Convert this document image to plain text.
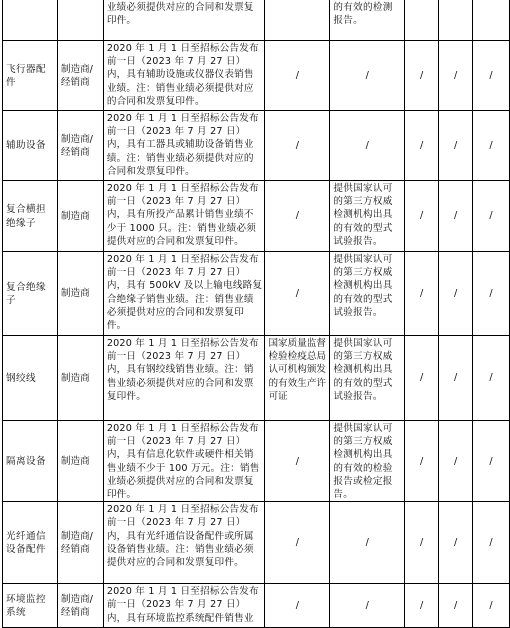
		业绩必须提供对应的合同和发票复印件。		的有效的检测报告。			
飞行器配件	制造商/经销商	2020 年 1 月 1 日至招标公告发布前一日（2023 年 7 月 27 日）内，具有辅助设施或仪器仪表销售业绩。注：销售业绩必须提供对应的合同和发票复印件。	/	/	/	/	/
辅助设备	制造商/经销商	2020 年 1 月 1 日至招标公告发布前一日（2023 年 7 月 27 日）内，具有工器具或辅助设备销售业绩。注：销售业绩必须提供对应的合同和发票复印件。	/	/	/	/	/
复合横担绝缘子	制造商	2020 年 1 月 1 日至招标公告发布前一日（2023 年 7 月 27 日）内，具有所投产品累计销售业绩不少于 1000 只。注：销售业绩必须提供对应的合同和发票复印件。	/	提供国家认可的第三方权威检测机构出具的有效的型式试验报告。	/	/	/
复合绝缘子	制造商	2020 年 1 月 1 日至招标公告发布前一日（2023 年 7 月 27 日）内，具有 500kV 及以上输电线路复合绝缘子销售业绩。注：销售业绩必须提供对应的合同和发票复印件。	/	提供国家认可的第三方权威检测机构出具的有效的型式试验报告。	/	/	/
钢绞线	制造商	2020 年 1 月 1 日至招标公告发布前一日（2023 年 7 月 27 日）内，具有钢绞线销售业绩。注：销售业绩必须提供对应的合同和发票复印件。	国家质量监督检验检疫总局认可机构颁发的有效生产许可证	提供国家认可的第三方权威检测机构出具的有效的型式试验报告。	/	/	/
隔离设备	制造商	2020 年 1 月 1 日至招标公告发布前一日（2023 年 7 月 27 日）内，具有信息化软件或硬件相关销售业绩不少于 100 万元。注：销售业绩必须提供对应的合同和发票复印件。	/	提供国家认可的第三方权威检测机构出具的有效的检验报告或检定报告。	/	/	/
光纤通信设备配件	制造商/经销商	2020 年 1 月 1 日至招标公告发布前一日（2023 年 7 月 27 日）内，具有光纤通信设备配件或所属设备销售业绩。注：销售业绩必须提供对应的合同和发票复印件。	/	/	/	/	/
环境监控系统	制造商/经销商	2020 年 1 月 1 日至招标公告发布前一日（2023 年 7 月 27 日）内，具有环境监控系统配件销售业	/	/	/	/	/
